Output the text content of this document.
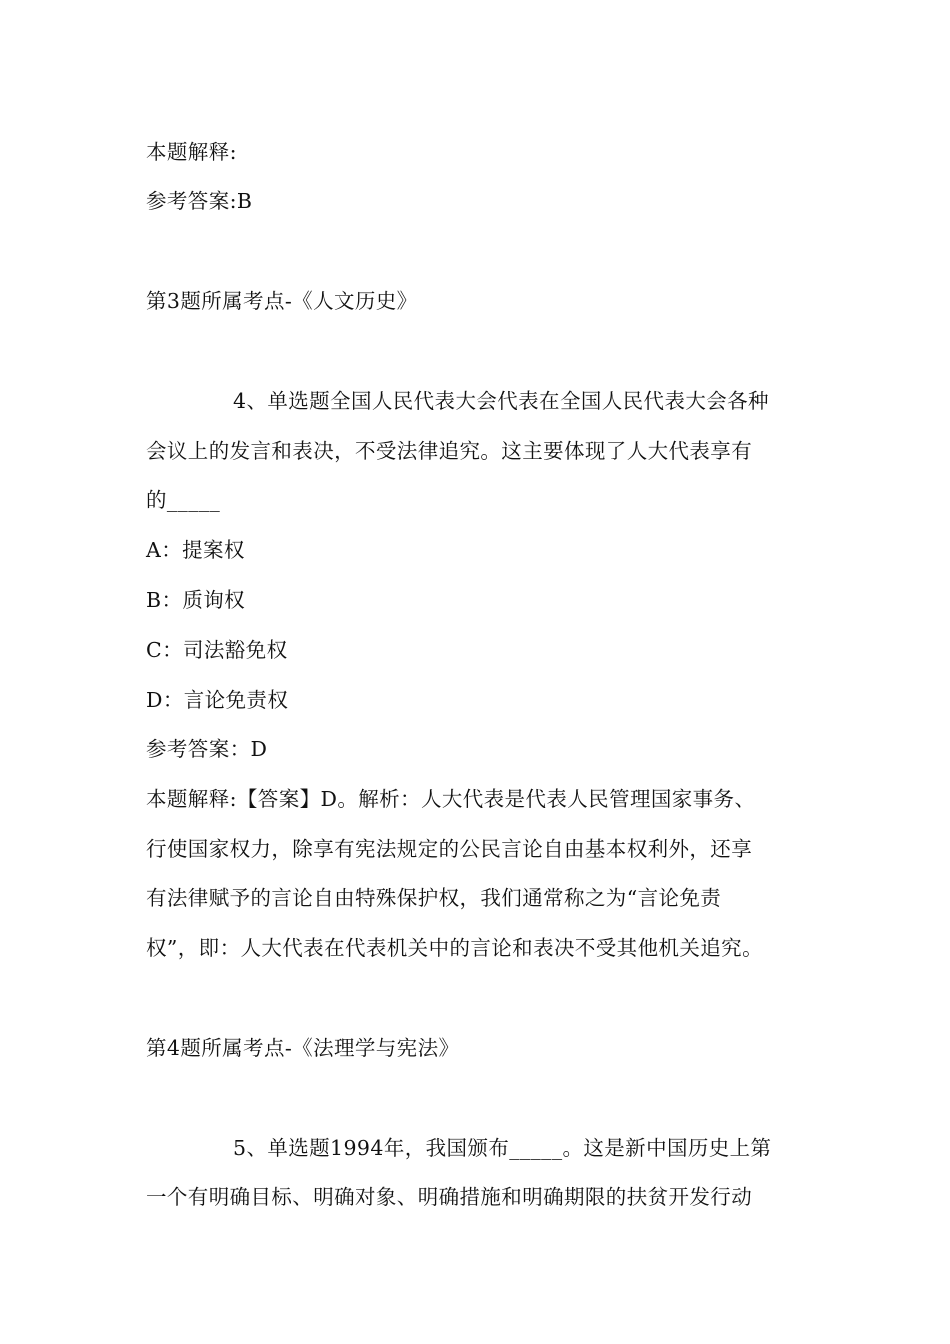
本题解释:
参考答案:B
第3题所属考点-《人文历史》
4、单选题全国人民代表大会代表在全国人民代表大会各种
会议上的发言和表决，不受法律追究。这主要体现了人大代表享有
的_____
A：提案权
B：质询权
C：司法豁免权
D：言论免责权
参考答案：D
本题解释:【答案】D。解析：人大代表是代表人民管理国家事务、
行使国家权力，除享有宪法规定的公民言论自由基本权利外，还享
有法律赋予的言论自由特殊保护权，我们通常称之为“言论免责
权”，即：人大代表在代表机关中的言论和表决不受其他机关追究。
第4题所属考点-《法理学与宪法》
5、单选题1994年，我国颁布_____。这是新中国历史上第
一个有明确目标、明确对象、明确措施和明确期限的扶贫开发行动
